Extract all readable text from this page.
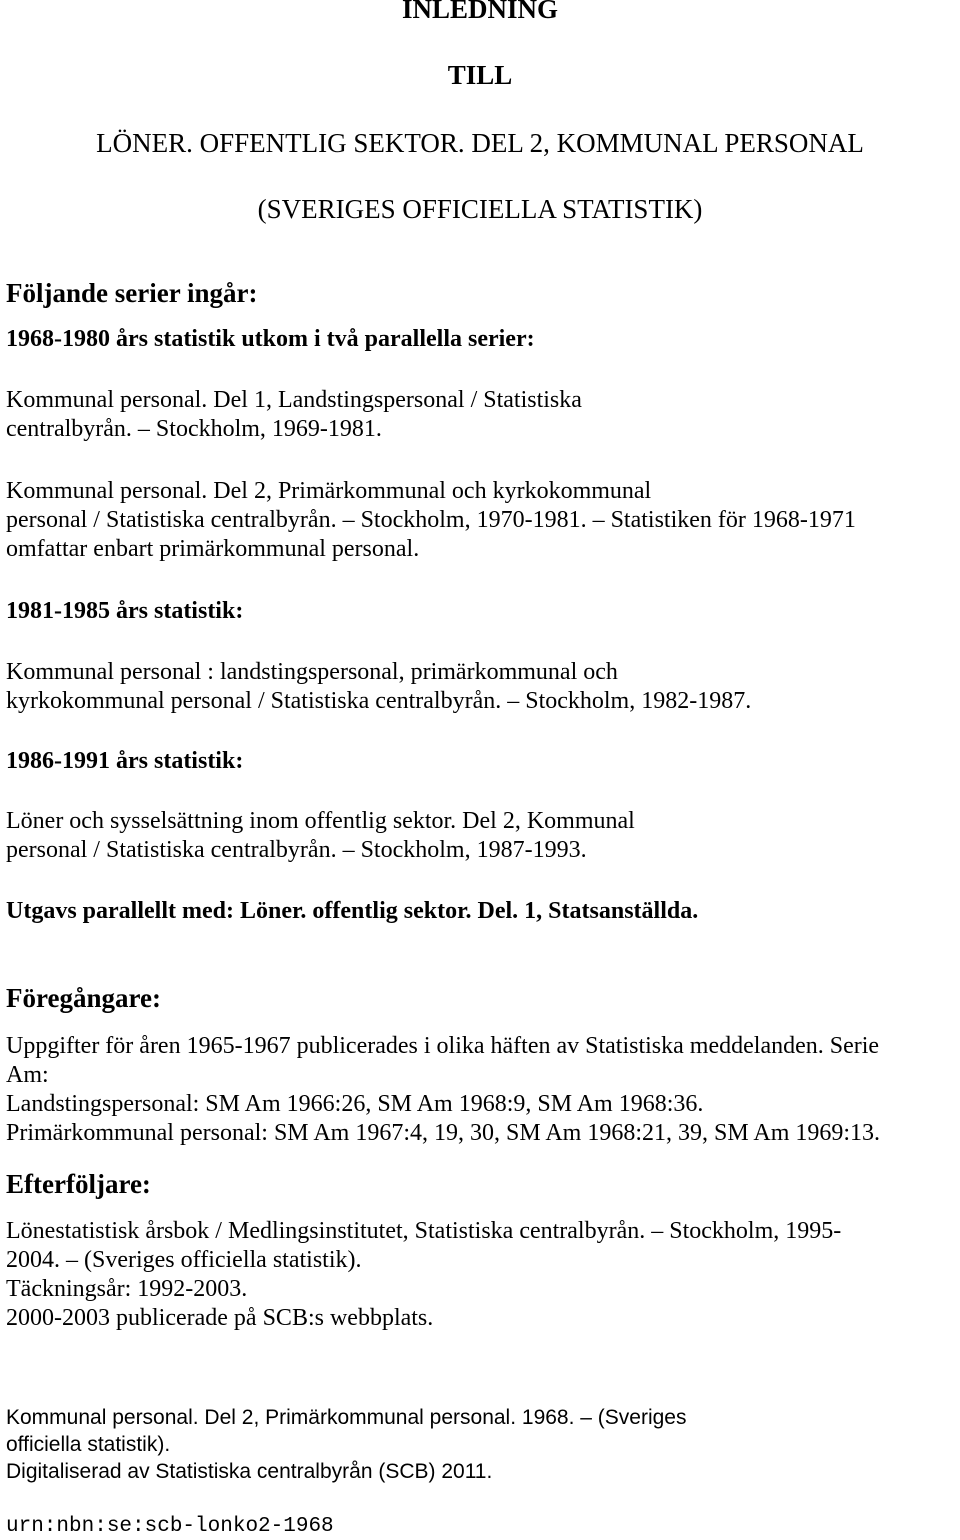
INLEDNING
TILL
LÖNER. OFFENTLIG SEKTOR. DEL 2, KOMMUNAL PERSONAL
(SVERIGES OFFICIELLA STATISTIK)
Följande serier ingår:
1968-1980 års statistik utkom i två parallella serier:
Kommunal personal. Del 1, Landstingspersonal / Statistiska
centralbyrån. – Stockholm, 1969-1981.
Kommunal personal. Del 2, Primärkommunal och kyrkokommunal
personal / Statistiska centralbyrån. – Stockholm, 1970-1981. – Statistiken för 1968-1971
omfattar enbart primärkommunal personal.
1981-1985 års statistik:
Kommunal personal : landstingspersonal, primärkommunal och
kyrkokommunal personal / Statistiska centralbyrån. – Stockholm, 1982-1987.
1986-1991 års statistik:
Löner och sysselsättning inom offentlig sektor. Del 2, Kommunal
personal / Statistiska centralbyrån. – Stockholm, 1987-1993.
Utgavs parallellt med: Löner. offentlig sektor. Del. 1, Statsanställda.
Föregångare:
Uppgifter för åren 1965-1967 publicerades i olika häften av Statistiska meddelanden. Serie
Am:
Landstingspersonal: SM Am 1966:26, SM Am 1968:9, SM Am 1968:36.
Primärkommunal personal: SM Am 1967:4, 19, 30, SM Am 1968:21, 39, SM Am 1969:13.
Efterföljare:
Lönestatistisk årsbok / Medlingsinstitutet, Statistiska centralbyrån. – Stockholm, 1995-
2004. – (Sveriges officiella statistik).
Täckningsår: 1992-2003.
2000-2003 publicerade på SCB:s webbplats.
Kommunal personal. Del 2, Primärkommunal personal. 1968. – (Sveriges
officiella statistik).
Digitaliserad av Statistiska centralbyrån (SCB) 2011.
urn:nbn:se:scb-lonko2-1968
